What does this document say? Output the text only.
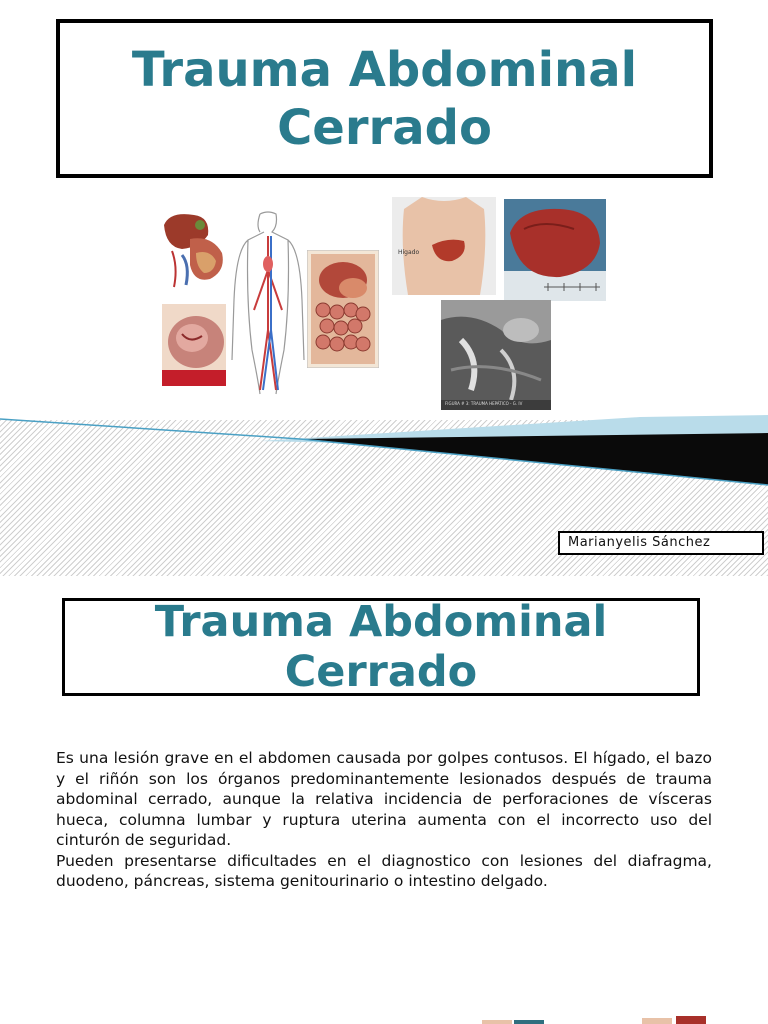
Trauma Abdominal
Cerrado
Hígado
FIGURA # 3: TRAUMA HEPÁTICO - G. IV
Marianyelis Sánchez
Trauma Abdominal
Cerrado

Es una lesión grave en el abdomen causada por golpes contusos. El hígado, el bazo y el riñón son los órganos predominantemente lesionados después de trauma abdominal cerrado, aunque la relativa incidencia de perforaciones de vísceras hueca, columna lumbar y ruptura uterina aumenta con el incorrecto uso del cinturón de seguridad.

Pueden presentarse dificultades en el diagnostico con lesiones del diafragma, duodeno, páncreas, sistema genitourinario o intestino delgado.
